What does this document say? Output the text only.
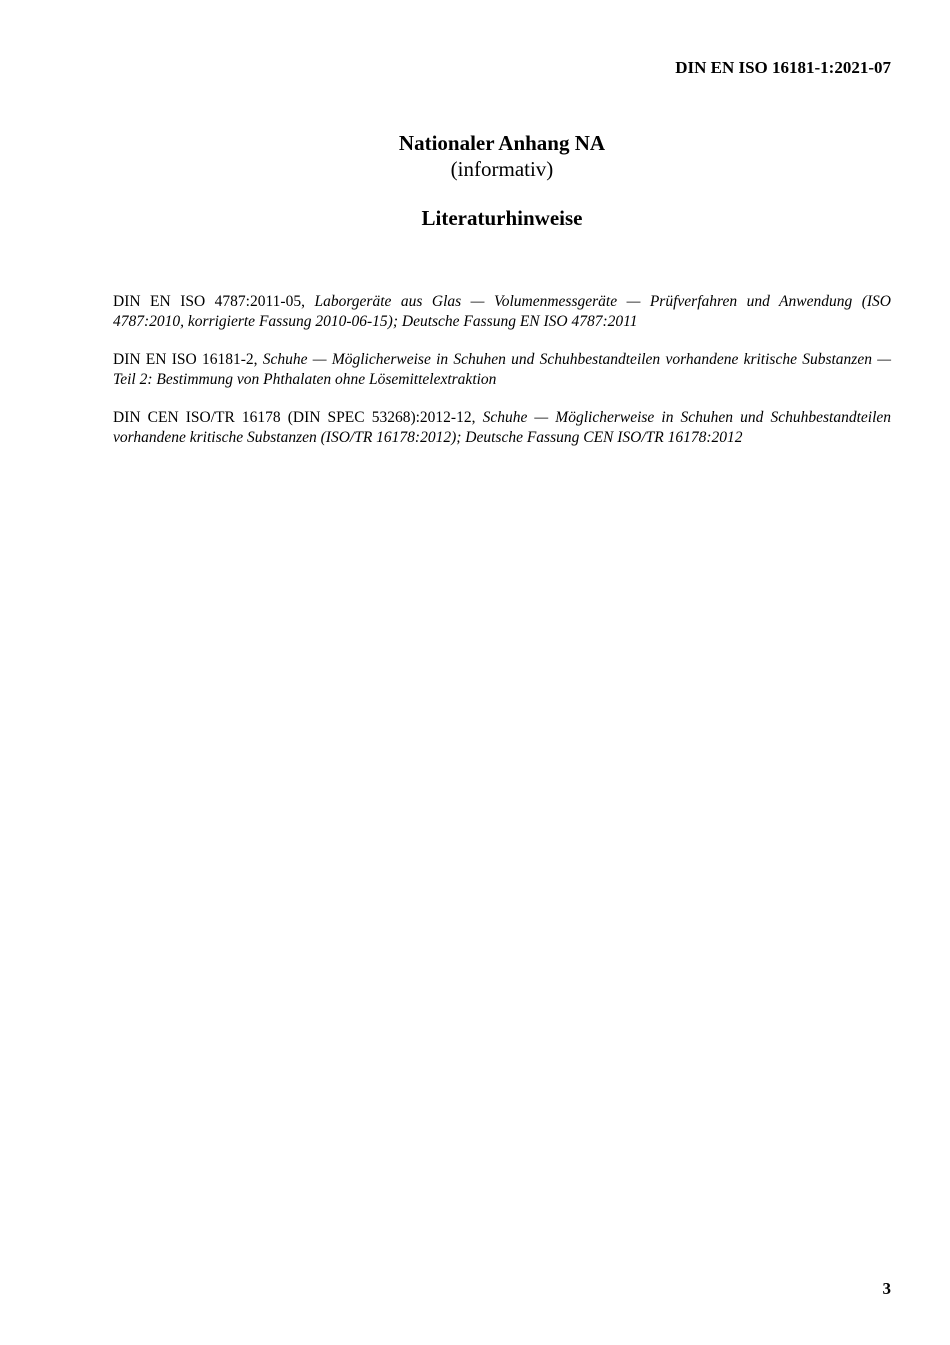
DIN EN ISO 16181-1:2021-07
Nationaler Anhang NA
(informativ)
Literaturhinweise

DIN EN ISO 4787:2011-05, Laborgeräte aus Glas — Volumenmessgeräte — Prüfverfahren und Anwendung (ISO 4787:2010, korrigierte Fassung 2010-06-15); Deutsche Fassung EN ISO 4787:2011

DIN EN ISO 16181-2, Schuhe — Möglicherweise in Schuhen und Schuhbestandteilen vorhandene kritische Substanzen — Teil 2: Bestimmung von Phthalaten ohne Lösemittelextraktion

DIN CEN ISO/TR 16178 (DIN SPEC 53268):2012-12, Schuhe — Möglicherweise in Schuhen und Schuhbestandteilen vorhandene kritische Substanzen (ISO/TR 16178:2012); Deutsche Fassung CEN ISO/TR 16178:2012

3
